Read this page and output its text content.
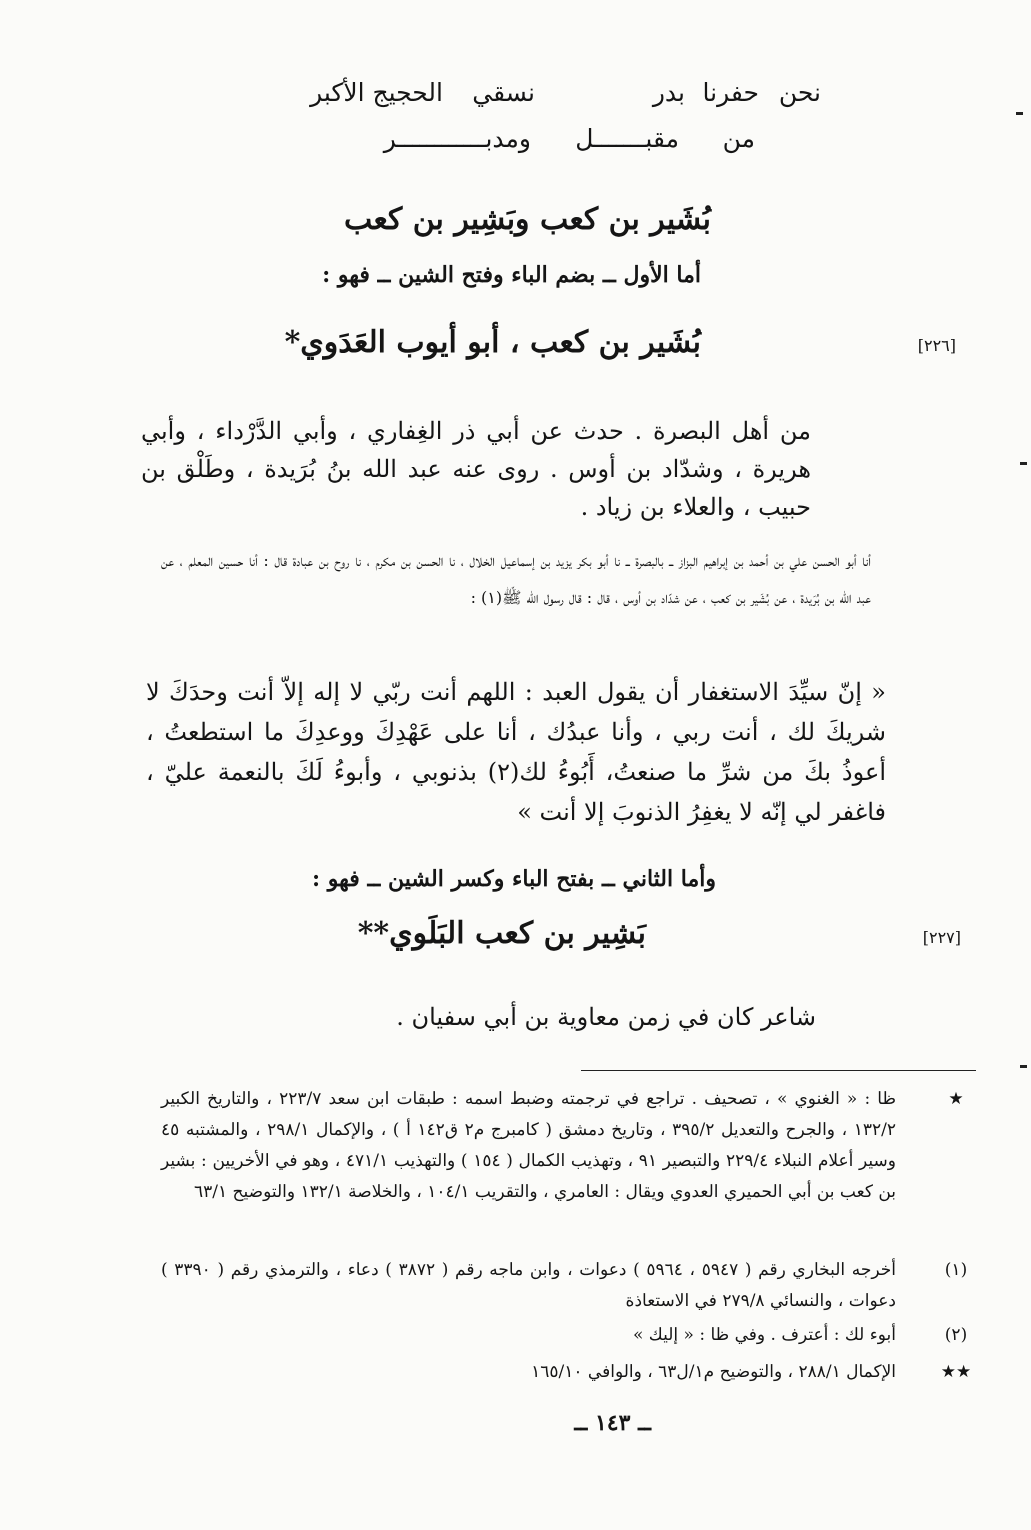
نحن
حفرنا
بدر
نسقي
الحجيج الأكبر
من
مقبـــــــل
ومدبــــــــــــر
بُشَير بن كعب وبَشِير بن كعب
أما الأول ــ بضم الباء وفتح الشين ــ فهو :
[٢٢٦]
بُشَير بن كعب ، أبو أيوب العَدَوي*
من أهل البصرة . حدث عن أبي ذر الغِفاري ، وأبي الدَّرْداء ، وأبي هريرة ، وشدّاد بن أوس . روى عنه عبد الله بنُ بُرَيدة ، وطَلْق بن حبيب ، والعلاء بن زياد .
أنا أبو الحسن علي بن أحمد بن إبراهيم البزاز ــ بالبصرة ــ نا أبو بكر يزيد بن إسماعيل الخلال ، نا الحسن بن مكرم ، نا روح بن عبادة قال : أنا حسين المعلم ، عن عبد الله بن بُرَيدة ، عن بُشَير بن كعب ، عن شدّاد بن أوس ، قال : قال رسول الله ﷺ(١) :
« إنّ سيِّدَ الاستغفار أن يقول العبد : اللهم أنت ربّي لا إله إلاّ أنت وحدَكَ لا شريكَ لك ، أنت ربي ، وأنا عبدُك ، أنا على عَهْدِكَ ووعدِكَ ما استطعتُ ، أعوذُ بكَ من شرِّ ما صنعتُ، أَبُوءُ لك(٢) بذنوبي ، وأبوءُ لَكَ بالنعمة عليّ ، فاغفر لي إنّه لا يغفِرُ الذنوبَ إلا أنت »
وأما الثاني ــ بفتح الباء وكسر الشين ــ فهو :
[٢٢٧]
بَشِير بن كعب البَلَوي**
شاعر كان في زمن معاوية بن أبي سفيان .
★
ظا : « الغنوي » ، تصحيف . تراجع في ترجمته وضبط اسمه : طبقات ابن سعد ٢٢٣/٧ ، والتاريخ الكبير ١٣٢/٢ ، والجرح والتعديل ٣٩٥/٢ ، وتاريخ دمشق ( كامبرج م٢ ق١٤٢ أ ) ، والإكمال ٢٩٨/١ ، والمشتبه ٤٥ وسير أعلام النبلاء ٢٢٩/٤ والتبصير ٩١ ، وتهذيب الكمال ( ١٥٤ ) والتهذيب ٤٧١/١ ، وهو في الأخريين : بشير بن كعب بن أبي الحميري العدوي ويقال : العامري ، والتقريب ١٠٤/١ ، والخلاصة ١٣٢/١ والتوضيح ٦٣/١
(١)
أخرجه البخاري رقم ( ٥٩٤٧ ، ٥٩٦٤ ) دعوات ، وابن ماجه رقم ( ٣٨٧٢ ) دعاء ، والترمذي رقم ( ٣٣٩٠ ) دعوات ، والنسائي ٢٧٩/٨ في الاستعاذة
(٢)
أبوء لك : أعترف . وفي ظا : « إليك »
★★
الإكمال ٢٨٨/١ ، والتوضيح م١/ل٦٣ ، والوافي ١٦٥/١٠
ــ ١٤٣ ــ
